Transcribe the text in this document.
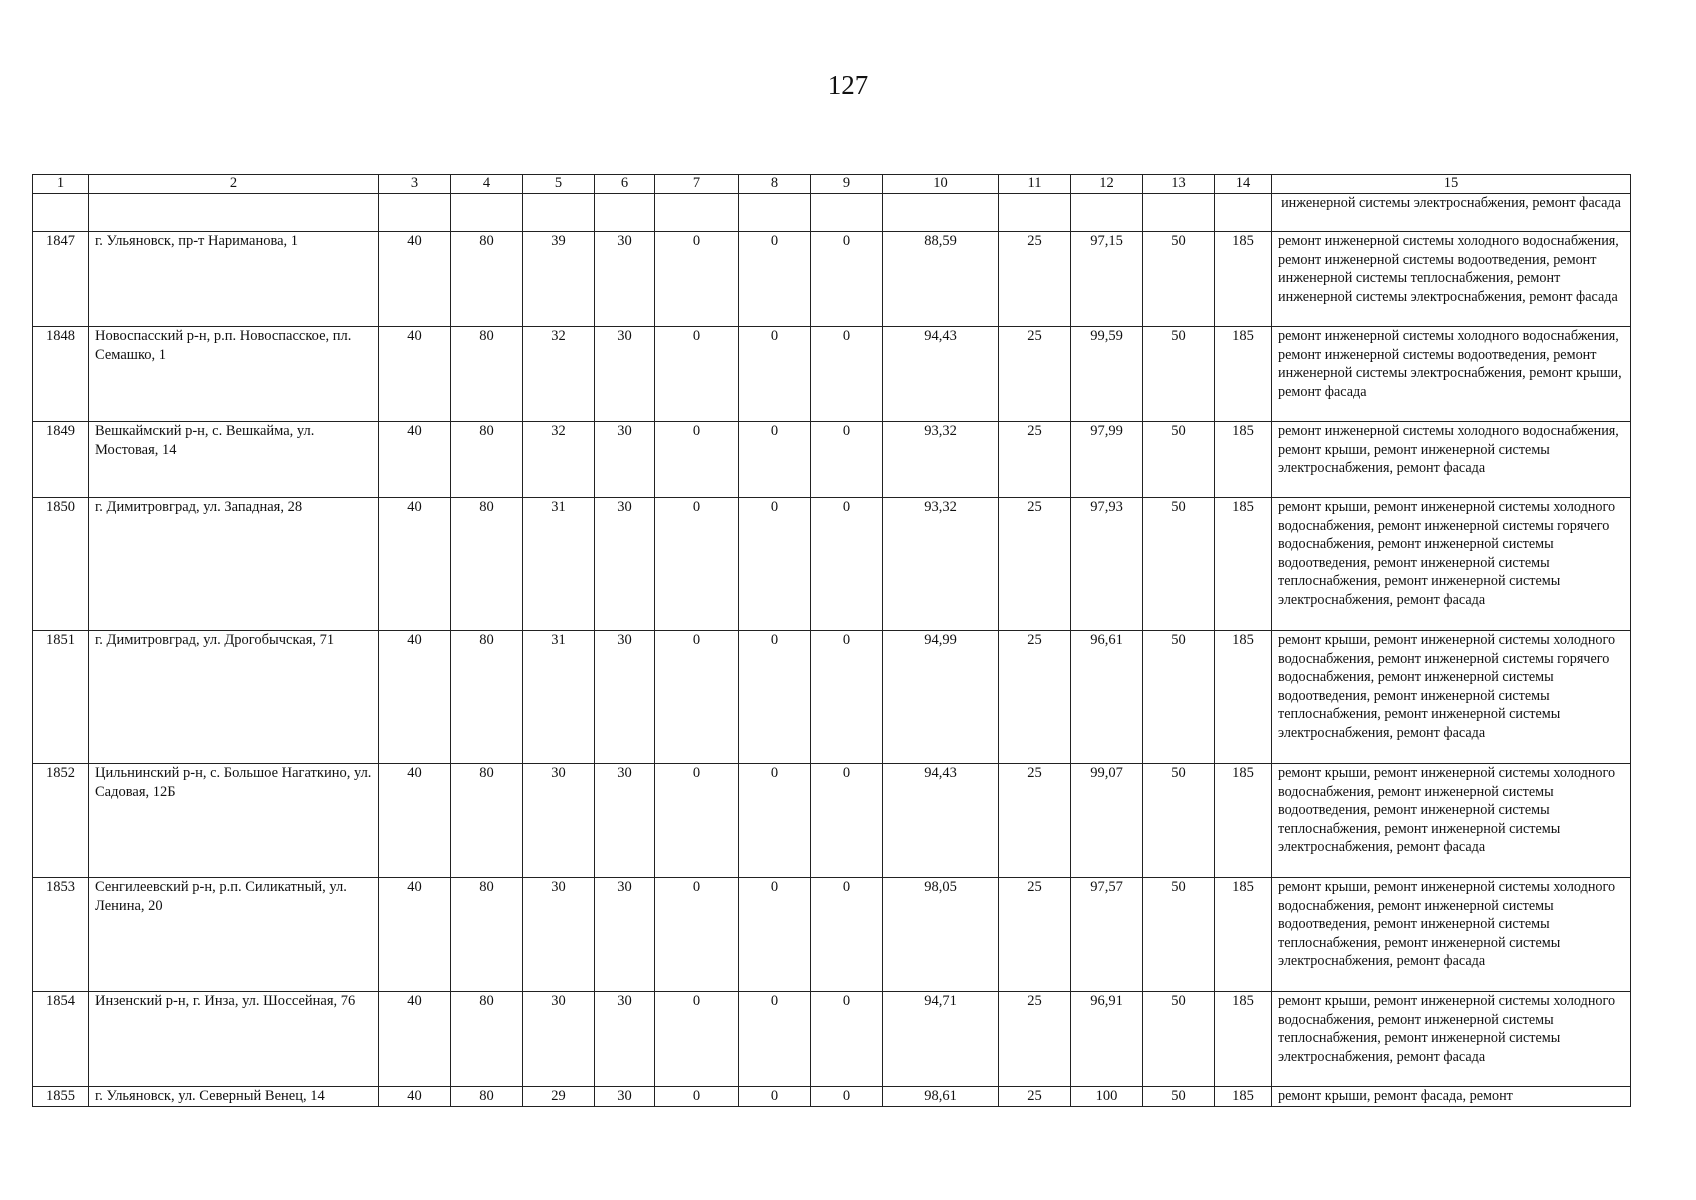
127
1	2	3	4	5	6	7	8	9	10	11	12	13	14	15
														инженерной системы электроснабжения, ремонт фасада
1847	г. Ульяновск, пр-т Нариманова, 1	40	80	39	30	0	0	0	88,59	25	97,15	50	185	ремонт инженерной системы холодного водоснабжения, ремонт инженерной системы водоотведения, ремонт инженерной системы теплоснабжения, ремонт инженерной системы электроснабжения, ремонт фасада
1848	Новоспасский р-н, р.п. Новоспасское, пл. Семашко, 1	40	80	32	30	0	0	0	94,43	25	99,59	50	185	ремонт инженерной системы холодного водоснабжения, ремонт инженерной системы водоотведения, ремонт инженерной системы электроснабжения, ремонт крыши, ремонт фасада
1849	Вешкаймский р-н, с. Вешкайма, ул. Мостовая, 14	40	80	32	30	0	0	0	93,32	25	97,99	50	185	ремонт инженерной системы холодного водоснабжения, ремонт крыши, ремонт инженерной системы электроснабжения, ремонт фасада
1850	г. Димитровград, ул. Западная, 28	40	80	31	30	0	0	0	93,32	25	97,93	50	185	ремонт крыши, ремонт инженерной системы холодного водоснабжения, ремонт инженерной системы горячего водоснабжения, ремонт инженерной системы водоотведения, ремонт инженерной системы теплоснабжения, ремонт инженерной системы электроснабжения, ремонт фасада
1851	г. Димитровград, ул. Дрогобычская, 71	40	80	31	30	0	0	0	94,99	25	96,61	50	185	ремонт крыши, ремонт инженерной системы холодного водоснабжения, ремонт инженерной системы горячего водоснабжения, ремонт инженерной системы водоотведения, ремонт инженерной системы теплоснабжения, ремонт инженерной системы электроснабжения, ремонт фасада
1852	Цильнинский р-н, с. Большое Нагаткино, ул. Садовая, 12Б	40	80	30	30	0	0	0	94,43	25	99,07	50	185	ремонт крыши, ремонт инженерной системы холодного водоснабжения, ремонт инженерной системы водоотведения, ремонт инженерной системы теплоснабжения, ремонт инженерной системы электроснабжения, ремонт фасада
1853	Сенгилеевский р-н, р.п. Силикатный, ул. Ленина, 20	40	80	30	30	0	0	0	98,05	25	97,57	50	185	ремонт крыши, ремонт инженерной системы холодного водоснабжения, ремонт инженерной системы водоотведения, ремонт инженерной системы теплоснабжения, ремонт инженерной системы электроснабжения, ремонт фасада
1854	Инзенский р-н, г. Инза, ул. Шоссейная, 76	40	80	30	30	0	0	0	94,71	25	96,91	50	185	ремонт крыши, ремонт инженерной системы холодного водоснабжения, ремонт инженерной системы теплоснабжения, ремонт инженерной системы электроснабжения, ремонт фасада
1855	г. Ульяновск, ул. Северный Венец, 14	40	80	29	30	0	0	0	98,61	25	100	50	185	ремонт крыши, ремонт фасада, ремонт
